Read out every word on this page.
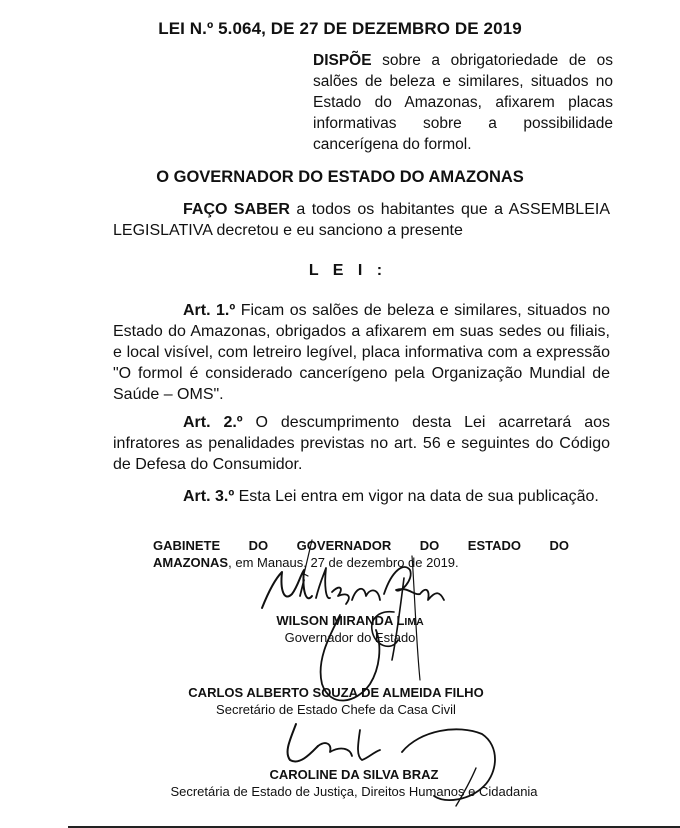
LEI N.º 5.064, DE 27 DE DEZEMBRO DE 2019
DISPÕE sobre a obrigatoriedade de os salões de beleza e similares, situados no Estado do Amazonas, afixarem placas informativas sobre a possibilidade cancerígena do formol.
O GOVERNADOR DO ESTADO DO AMAZONAS
FAÇO SABER a todos os habitantes que a ASSEMBLEIA LEGISLATIVA decretou e eu sanciono a presente
L E I :
Art. 1.º Ficam os salões de beleza e similares, situados no Estado do Amazonas, obrigados a afixarem em suas sedes ou filiais, e local visível, com letreiro legível, placa informativa com a expressão "O formol é considerado cancerígeno pela Organização Mundial de Saúde – OMS".
Art. 2.º O descumprimento desta Lei acarretará aos infratores as penalidades previstas no art. 56 e seguintes do Código de Defesa do Consumidor.
Art. 3.º Esta Lei entra em vigor na data de sua publicação.
GABINETE DO GOVERNADOR DO ESTADO DO
AMAZONAS, em Manaus, 27 de dezembro de 2019.
WILSON MIRANDA LIMA
Governador do Estado
CARLOS ALBERTO SOUZA DE ALMEIDA FILHO
Secretário de Estado Chefe da Casa Civil
CAROLINE DA SILVA BRAZ
Secretária de Estado de Justiça, Direitos Humanos e Cidadania
